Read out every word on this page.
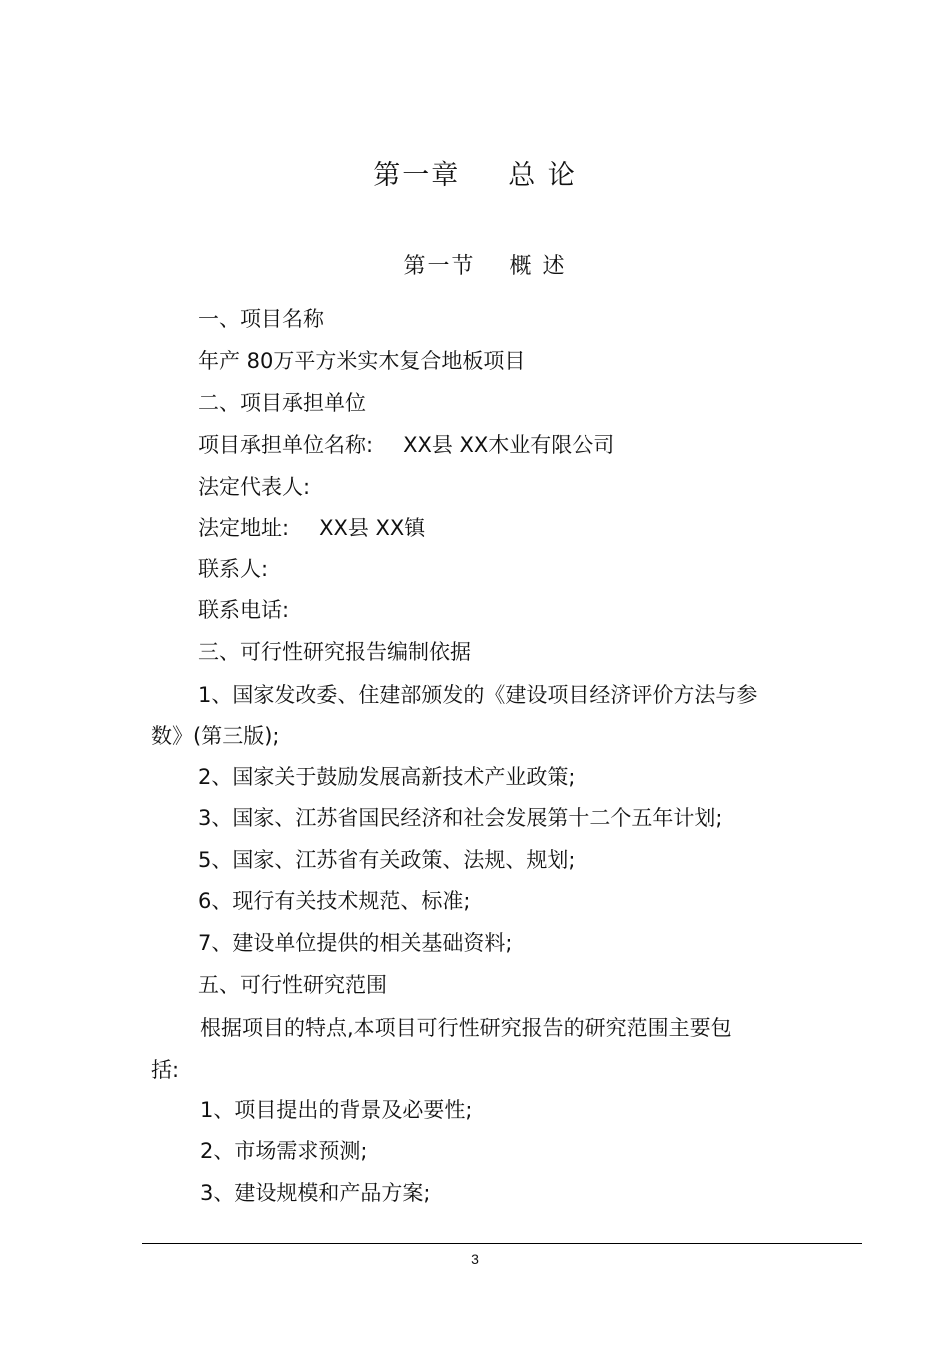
第一章 总 论
第一节 概 述
一、项目名称
年产 80万平方米实木复合地板项目
二、项目承担单位
项目承担单位名称: XX县 XX木业有限公司
法定代表人:
法定地址: XX县 XX镇
联系人:
联系电话:
三、可行性研究报告编制依据
1、国家发改委、住建部颁发的《建设项目经济评价方法与参
数》(第三版);
2、国家关于鼓励发展高新技术产业政策;
3、国家、江苏省国民经济和社会发展第十二个五年计划;
5、国家、江苏省有关政策、法规、规划;
6、现行有关技术规范、标准;
7、建设单位提供的相关基础资料;
五、可行性研究范围
根据项目的特点,本项目可行性研究报告的研究范围主要包
括:
1、项目提出的背景及必要性;
2、市场需求预测;
3、建设规模和产品方案;
3
